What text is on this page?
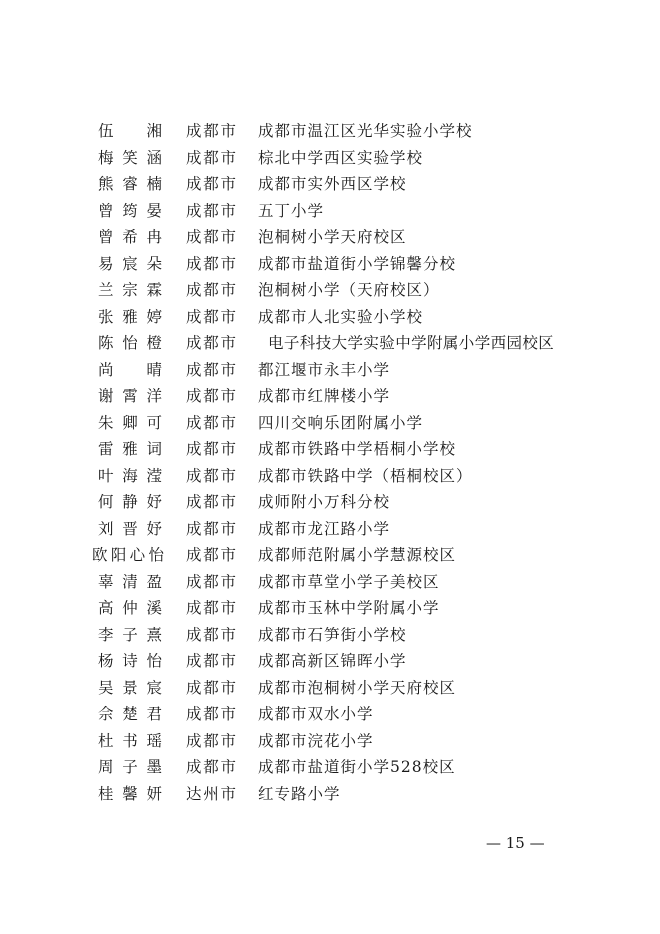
伍　湘 成都市 成都市温江区光华实验小学校
梅笑涵 成都市 棕北中学西区实验学校
熊睿楠 成都市 成都市实外西区学校
曾筠晏 成都市 五丁小学
曾希冉 成都市 泡桐树小学天府校区
易宸朵 成都市 成都市盐道街小学锦馨分校
兰宗霖 成都市 泡桐树小学（天府校区）
张雅婷 成都市 成都市人北实验小学校
陈怡橙 成都市 电子科技大学实验中学附属小学西园校区
尚　晴 成都市 都江堰市永丰小学
谢霄洋 成都市 成都市红牌楼小学
朱卿可 成都市 四川交响乐团附属小学
雷雅词 成都市 成都市铁路中学梧桐小学校
叶海滢 成都市 成都市铁路中学（梧桐校区）
何静妤 成都市 成师附小万科分校
刘晋妤 成都市 成都市龙江路小学
欧阳心怡 成都市 成都师范附属小学慧源校区
辜清盈 成都市 成都市草堂小学子美校区
高仲溪 成都市 成都市玉林中学附属小学
李子熹 成都市 成都市石笋街小学校
杨诗怡 成都市 成都高新区锦晖小学
吴景宸 成都市 成都市泡桐树小学天府校区
佘楚君 成都市 成都市双水小学
杜书瑶 成都市 成都市浣花小学
周子墨 成都市 成都市盐道街小学528校区
桂馨妍 达州市 红专路小学
— 15 —
